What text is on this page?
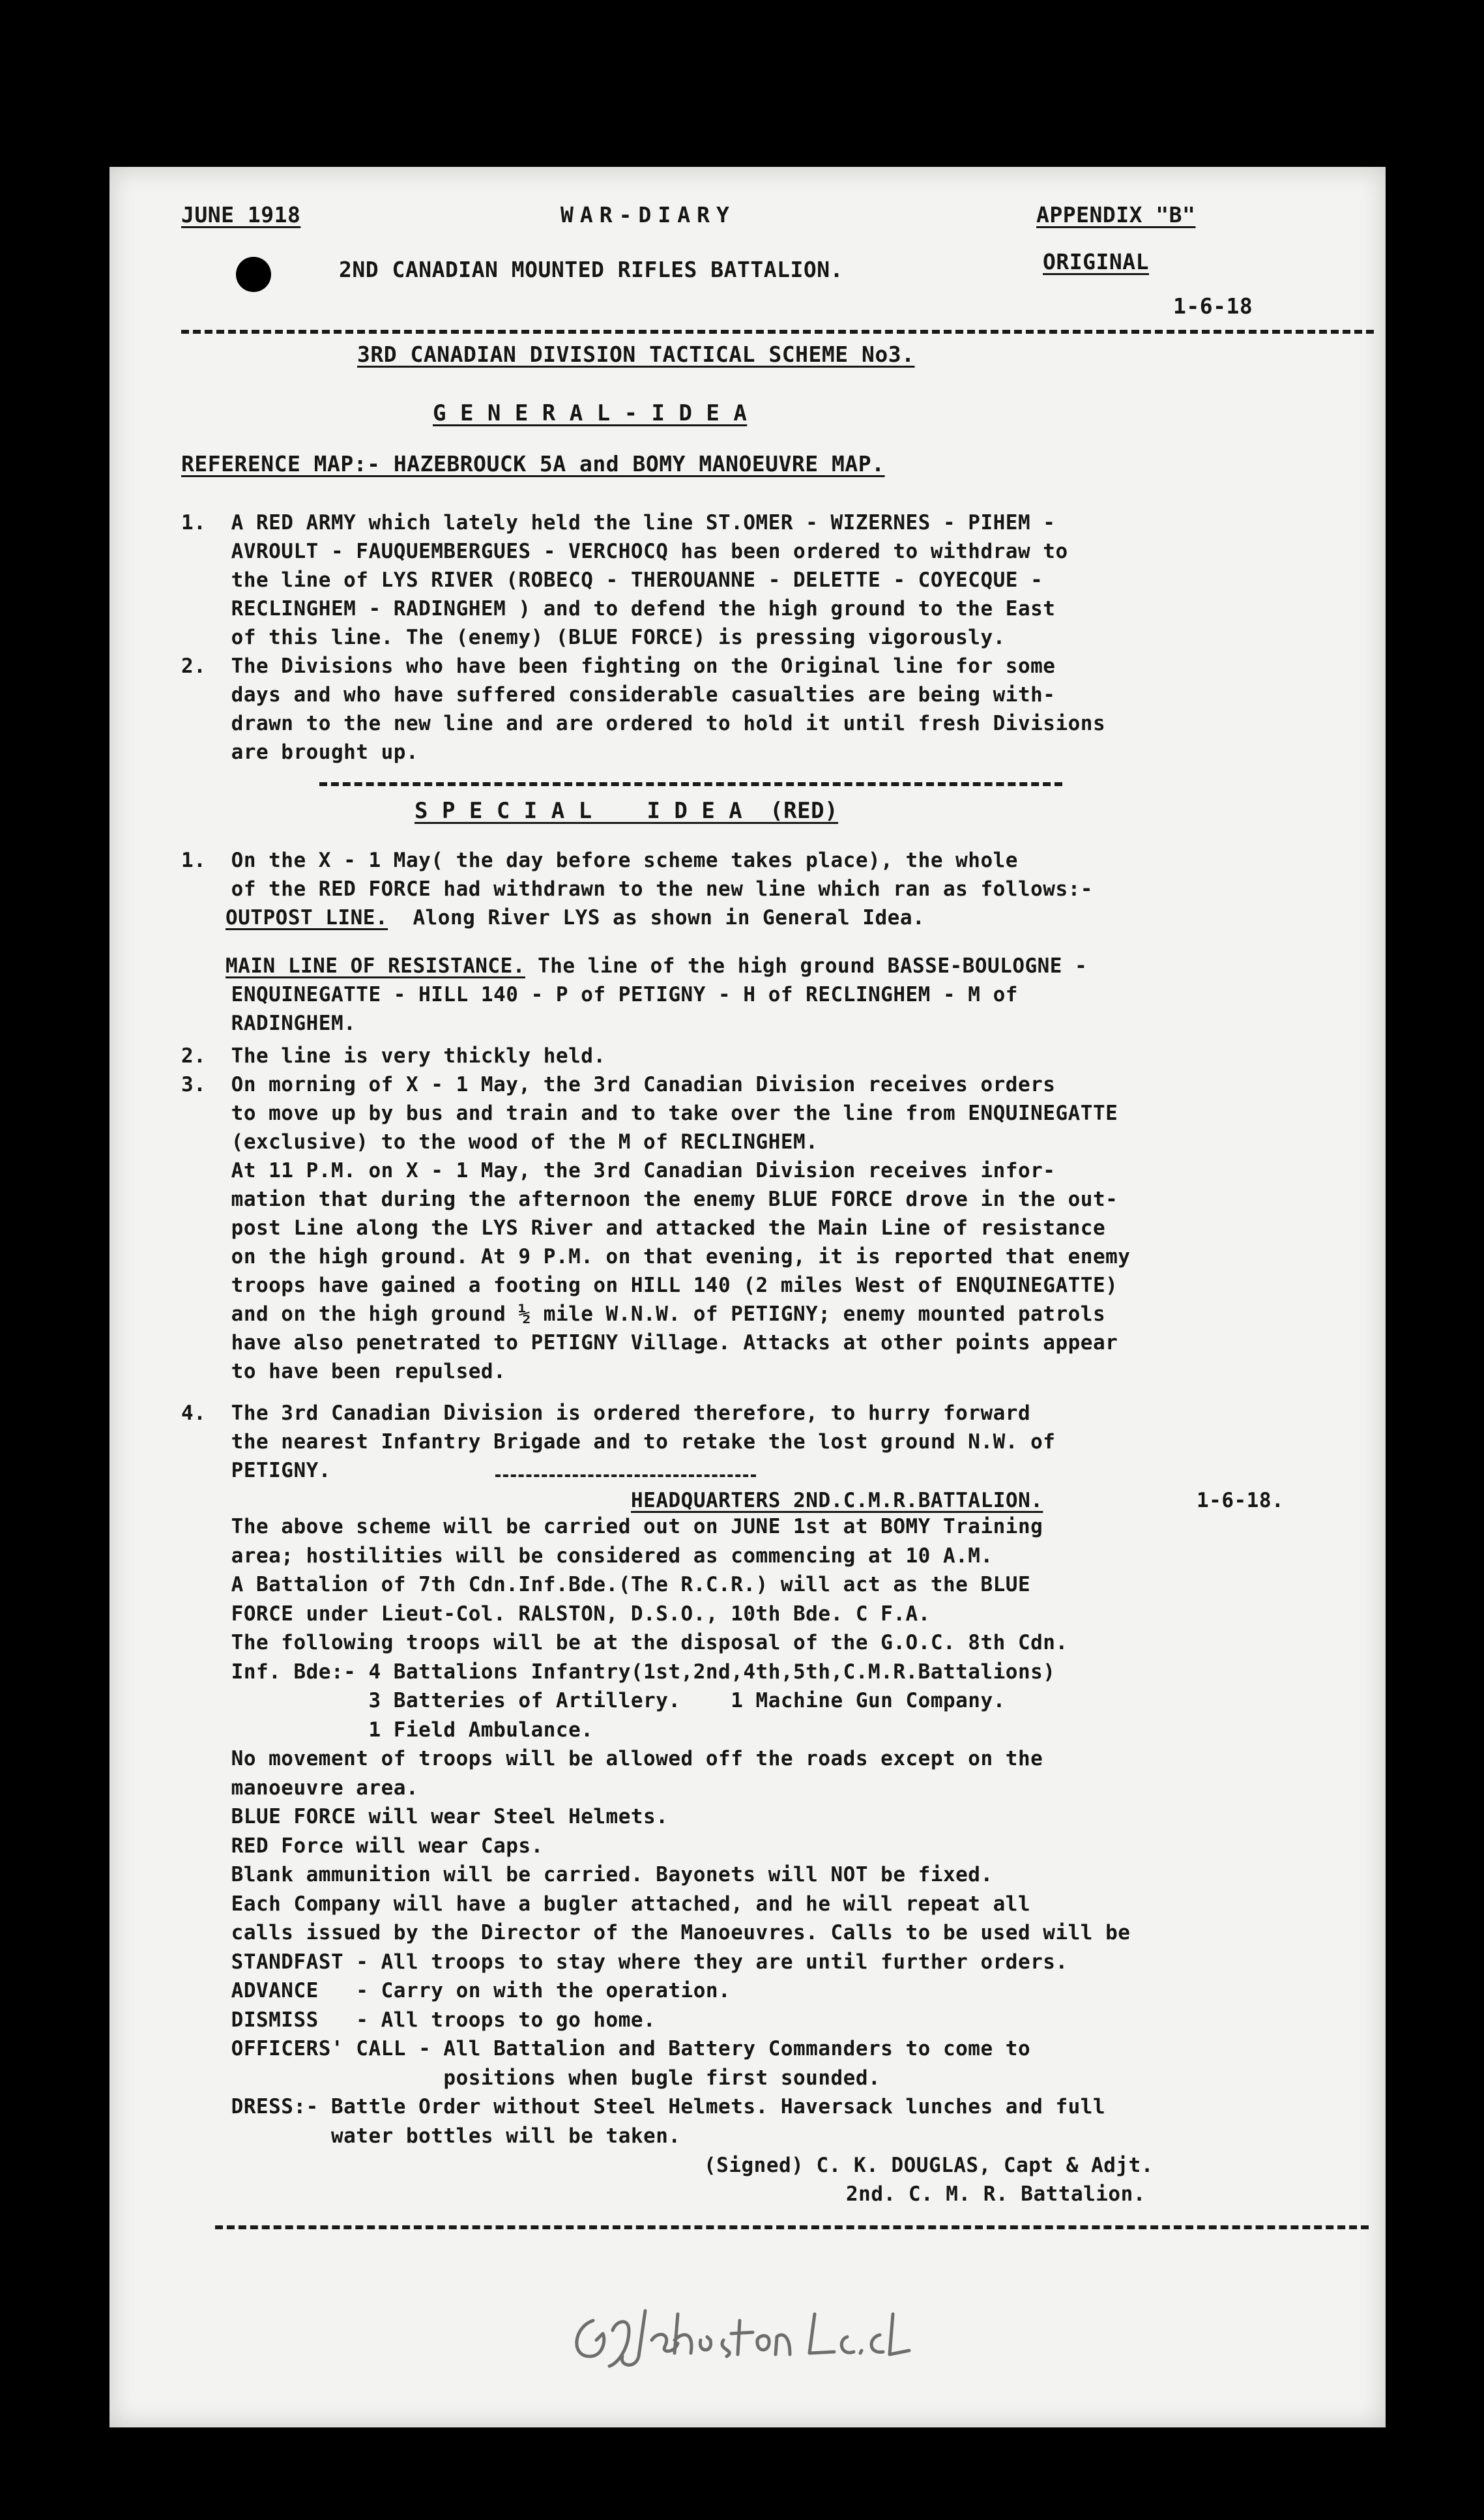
JUNE 1918	WAR-DIARY	APPENDIX "B"
2ND CANADIAN MOUNTED RIFLES BATTALION.	ORIGINAL
1-6-18
3RD CANADIAN DIVISION TACTICAL SCHEME No3.
G E N E R A L - I D E A
REFERENCE MAP:- HAZEBROUCK 5A and BOMY MANOEUVRE MAP.
1.  A RED ARMY which lately held the line ST.OMER - WIZERNES - PIHEM -
AVROULT - FAUQUEMBERGUES - VERCHOCQ has been ordered to withdraw to
the line of LYS RIVER (ROBECQ - THEROUANNE - DELETTE - COYECQUE -
RECLINGHEM - RADINGHEM ) and to defend the high ground to the East
of this line. The (enemy) (BLUE FORCE) is pressing vigorously.
2.  The Divisions who have been fighting on the Original line for some
days and who have suffered considerable casualties are being with-
drawn to the new line and are ordered to hold it until fresh Divisions
are brought up.
S P E C I A L    I D E A  (RED)
1.  On the X - 1 May( the day before scheme takes place), the whole
of the RED FORCE had withdrawn to the new line which ran as follows:-
OUTPOST LINE.  Along River LYS as shown in General Idea.
MAIN LINE OF RESISTANCE. The line of the high ground BASSE-BOULOGNE -
ENQUINEGATTE - HILL 140 - P of PETIGNY - H of RECLINGHEM - M of
RADINGHEM.
2.  The line is very thickly held.
3.  On morning of X - 1 May, the 3rd Canadian Division receives orders
to move up by bus and train and to take over the line from ENQUINEGATTE
(exclusive) to the wood of the M of RECLINGHEM.
At 11 P.M. on X - 1 May, the 3rd Canadian Division receives infor-
mation that during the afternoon the enemy BLUE FORCE drove in the out-
post Line along the LYS River and attacked the Main Line of resistance
on the high ground. At 9 P.M. on that evening, it is reported that enemy
troops have gained a footing on HILL 140 (2 miles West of ENQUINEGATTE)
and on the high ground ½ mile W.N.W. of PETIGNY; enemy mounted patrols
have also penetrated to PETIGNY Village. Attacks at other points appear
to have been repulsed.
4.  The 3rd Canadian Division is ordered therefore, to hurry forward
the nearest Infantry Brigade and to retake the lost ground N.W. of
PETIGNY.
HEADQUARTERS 2ND.C.M.R.BATTALION.	1-6-18.
The above scheme will be carried out on JUNE 1st at BOMY Training
area; hostilities will be considered as commencing at 10 A.M.
A Battalion of 7th Cdn.Inf.Bde.(The R.C.R.) will act as the BLUE
FORCE under Lieut-Col. RALSTON, D.S.O., 10th Bde. C F.A.
The following troops will be at the disposal of the G.O.C. 8th Cdn.
Inf. Bde:- 4 Battalions Infantry(1st,2nd,4th,5th,C.M.R.Battalions)
3 Batteries of Artillery.    1 Machine Gun Company.
1 Field Ambulance.
No movement of troops will be allowed off the roads except on the
manoeuvre area.
BLUE FORCE will wear Steel Helmets.
RED Force will wear Caps.
Blank ammunition will be carried. Bayonets will NOT be fixed.
Each Company will have a bugler attached, and he will repeat all
calls issued by the Director of the Manoeuvres. Calls to be used will be
STANDFAST - All troops to stay where they are until further orders.
ADVANCE   - Carry on with the operation.
DISMISS   - All troops to go home.
OFFICERS' CALL - All Battalion and Battery Commanders to come to
positions when bugle first sounded.
DRESS:- Battle Order without Steel Helmets. Haversack lunches and full
water bottles will be taken.
(Signed) C. K. DOUGLAS, Capt & Adjt.
2nd. C. M. R. Battalion.
